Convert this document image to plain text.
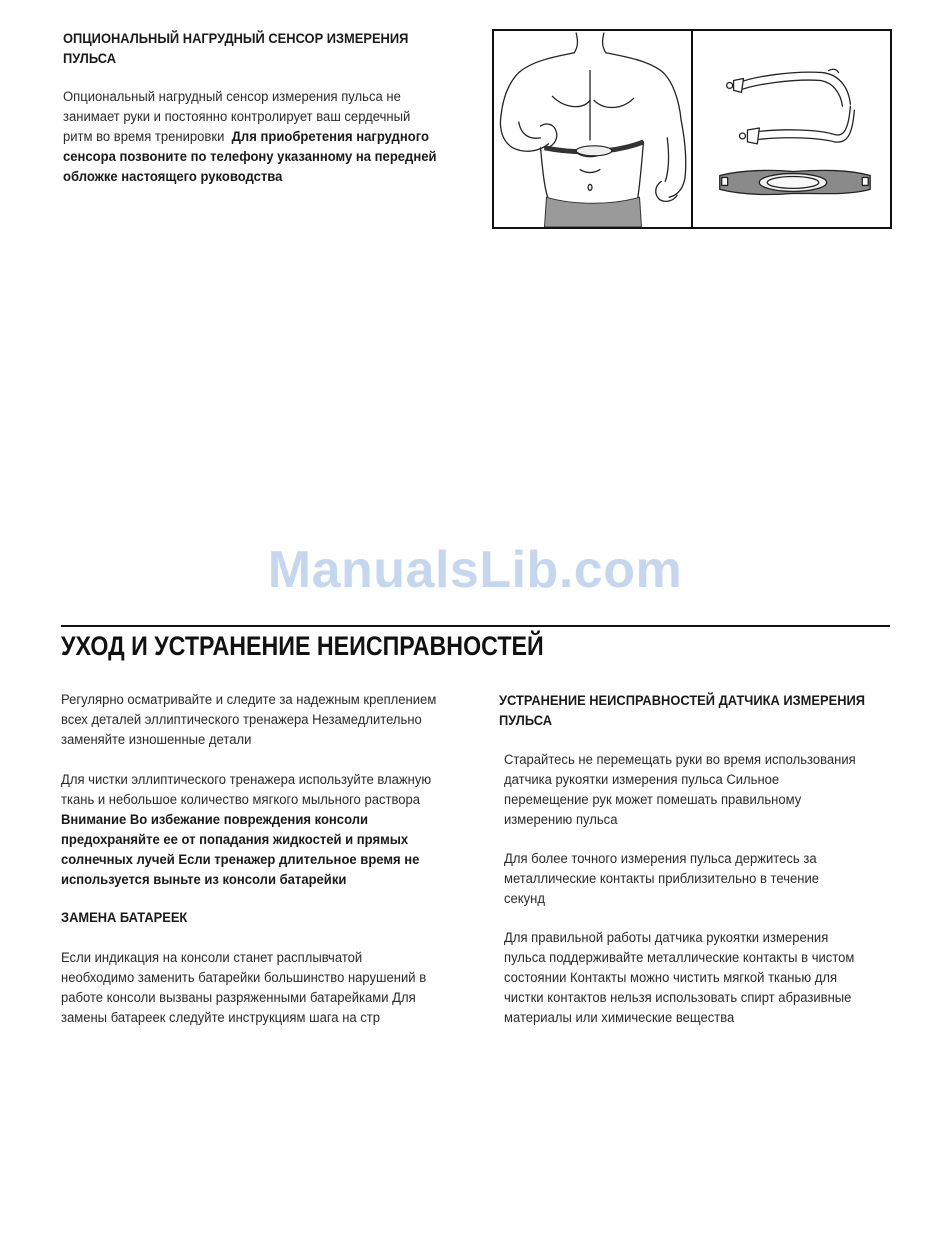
ОПЦИОНАЛЬНЫЙ НАГРУДНЫЙ СЕНСОР ИЗМЕРЕНИЯ
ПУЛЬСА
Опциональный нагрудный сенсор измерения пульса не
занимает руки и постоянно контролирует ваш сердечный
ритм во время тренировки Для приобретения нагрудного
сенсора позвоните по телефону указанному на передней
обложке настоящего руководства
ManualsLib.com
УХОД И УСТРАНЕНИЕ НЕИСПРАВНОСТЕЙ
Регулярно осматривайте и следите за надежным креплением
всех деталей эллиптического тренажера Незамедлительно
заменяйте изношенные детали
Для чистки эллиптического тренажера используйте влажную
ткань и небольшое количество мягкого мыльного раствора
Внимание Во избежание повреждения консоли
предохраняйте ее от попадания жидкостей и прямых
солнечных лучей Если тренажер длительное время не
используется выньте из консоли батарейки
ЗАМЕНА БАТАРЕЕК
Если индикация на консоли станет расплывчатой
необходимо заменить батарейки большинство нарушений в
работе консоли вызваны разряженными батарейками Для
замены батареек следуйте инструкциям шага на стр
УСТРАНЕНИЕ НЕИСПРАВНОСТЕЙ ДАТЧИКА ИЗМЕРЕНИЯ
ПУЛЬСА
Старайтесь не перемещать руки во время использования
датчика рукоятки измерения пульса Сильное
перемещение рук может помешать правильному
измерению пульса
Для более точного измерения пульса держитесь за
металлические контакты приблизительно в течение
секунд
Для правильной работы датчика рукоятки измерения
пульса поддерживайте металлические контакты в чистом
состоянии Контакты можно чистить мягкой тканью для
чистки контактов нельзя использовать спирт абразивные
материалы или химические вещества
